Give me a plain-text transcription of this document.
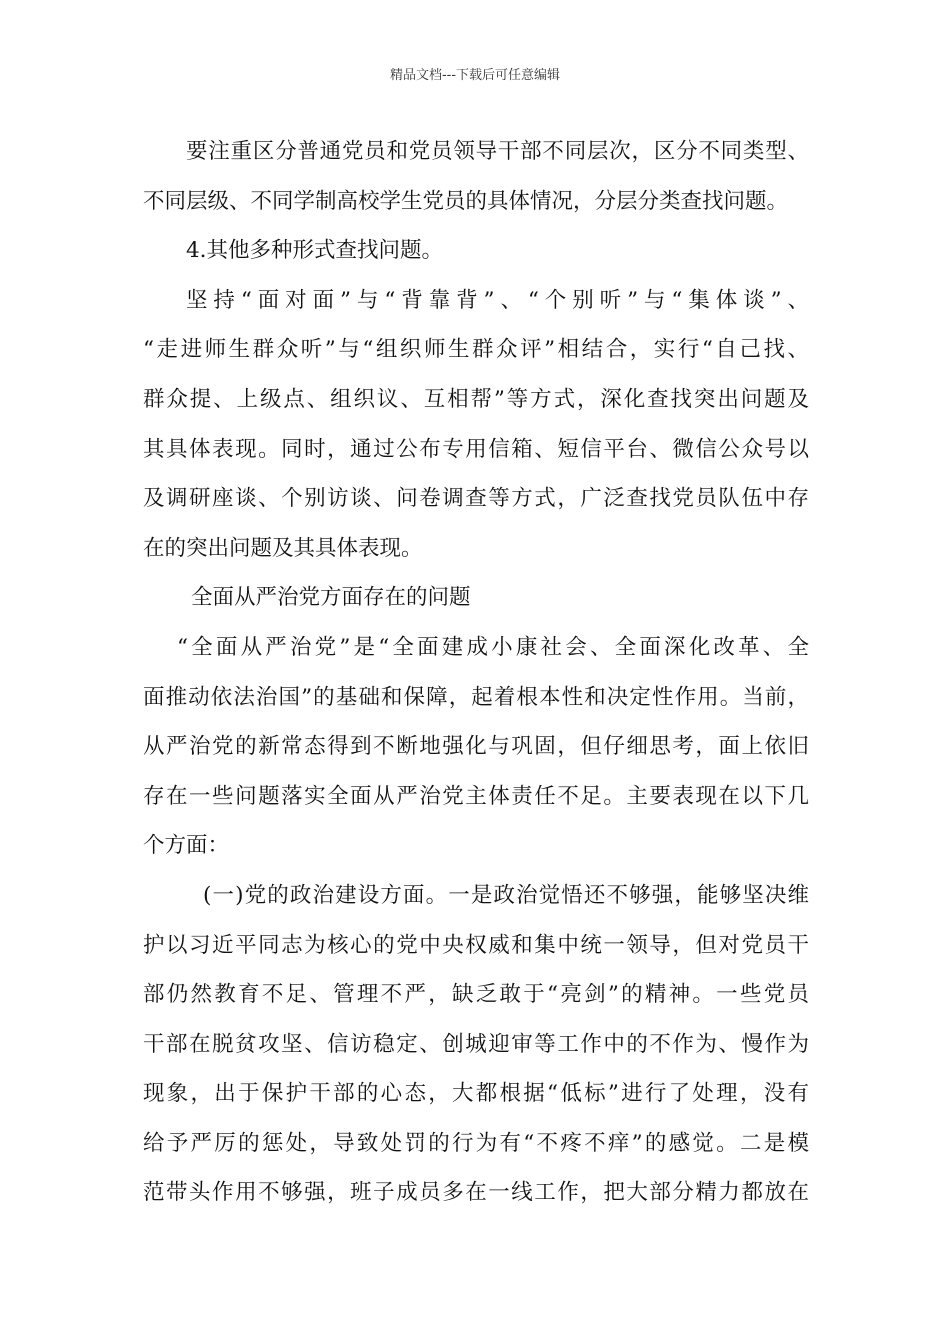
精品文档---下载后可任意编辑
要注重区分普通党员和党员领导干部不同层次，区分不同类型、
不同层级、不同学制高校学生党员的具体情况，分层分类查找问题。
4.其他多种形式查找问题。
坚持“面对面”与“背靠背”、“个别听”与“集体谈”、
“走进师生群众听”与“组织师生群众评”相结合，实行“自己找、
群众提、上级点、组织议、互相帮”等方式，深化查找突出问题及
其具体表现。同时，通过公布专用信箱、短信平台、微信公众号以
及调研座谈、个别访谈、问卷调查等方式，广泛查找党员队伍中存
在的突出问题及其具体表现。
全面从严治党方面存在的问题
“全面从严治党”是“全面建成小康社会、全面深化改革、全
面推动依法治国”的基础和保障，起着根本性和决定性作用。当前，
从严治党的新常态得到不断地强化与巩固，但仔细思考，面上依旧
存在一些问题落实全面从严治党主体责任不足。主要表现在以下几
个方面：
(一)党的政治建设方面。一是政治觉悟还不够强，能够坚决维
护以习近平同志为核心的党中央权威和集中统一领导，但对党员干
部仍然教育不足、管理不严，缺乏敢于“亮剑”的精神。一些党员
干部在脱贫攻坚、信访稳定、创城迎审等工作中的不作为、慢作为
现象，出于保护干部的心态，大都根据“低标”进行了处理，没有
给予严厉的惩处，导致处罚的行为有“不疼不痒”的感觉。二是模
范带头作用不够强，班子成员多在一线工作，把大部分精力都放在
